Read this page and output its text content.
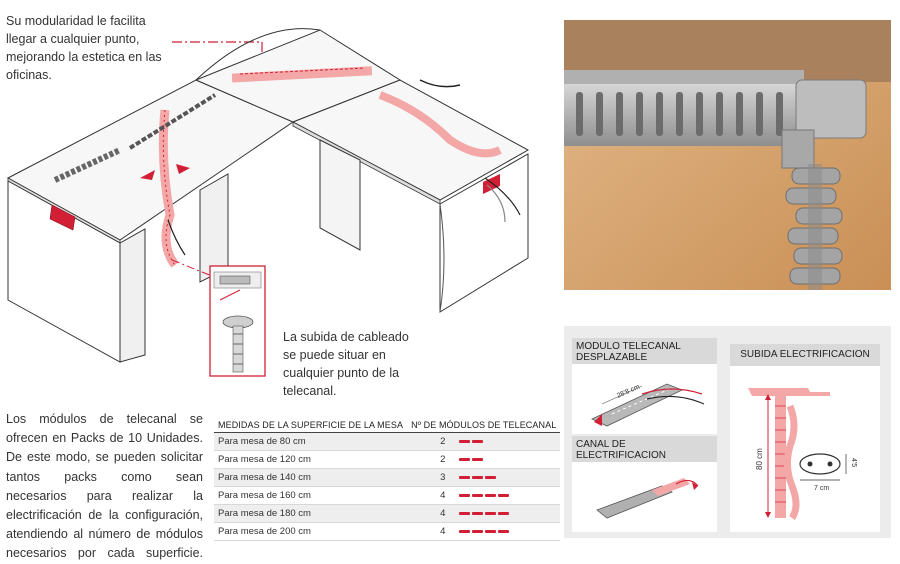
Su modularidad le facilita llegar a cualquier punto, mejorando la estetica en las oficinas.
La subida de cableado se puede situar en cualquier punto de la telecanal.
Los módulos de telecanal se ofrecen en Packs de 10 Unidades. De este modo, se pueden solicitar tantos packs como sean necesarios para realizar la electrificación de la configuración, atendiendo al número de módulos necesarios por cada superficie.
MEDIDAS DE LA SUPERFICIE DE LA MESA	Nº DE MÓDULOS DE TELECANAL	
Para mesa de 80 cm	2	
Para mesa de 120 cm	2	
Para mesa de 140 cm	3	
Para mesa de 160 cm	4	
Para mesa de 180 cm	4	
Para mesa de 200 cm	4	
MODULO TELECANAL DESPLAZABLE
28'8 cm
CANAL DE ELECTRIFICACION
SUBIDA ELECTRIFICACION
80 cm
7 cm
4'5
